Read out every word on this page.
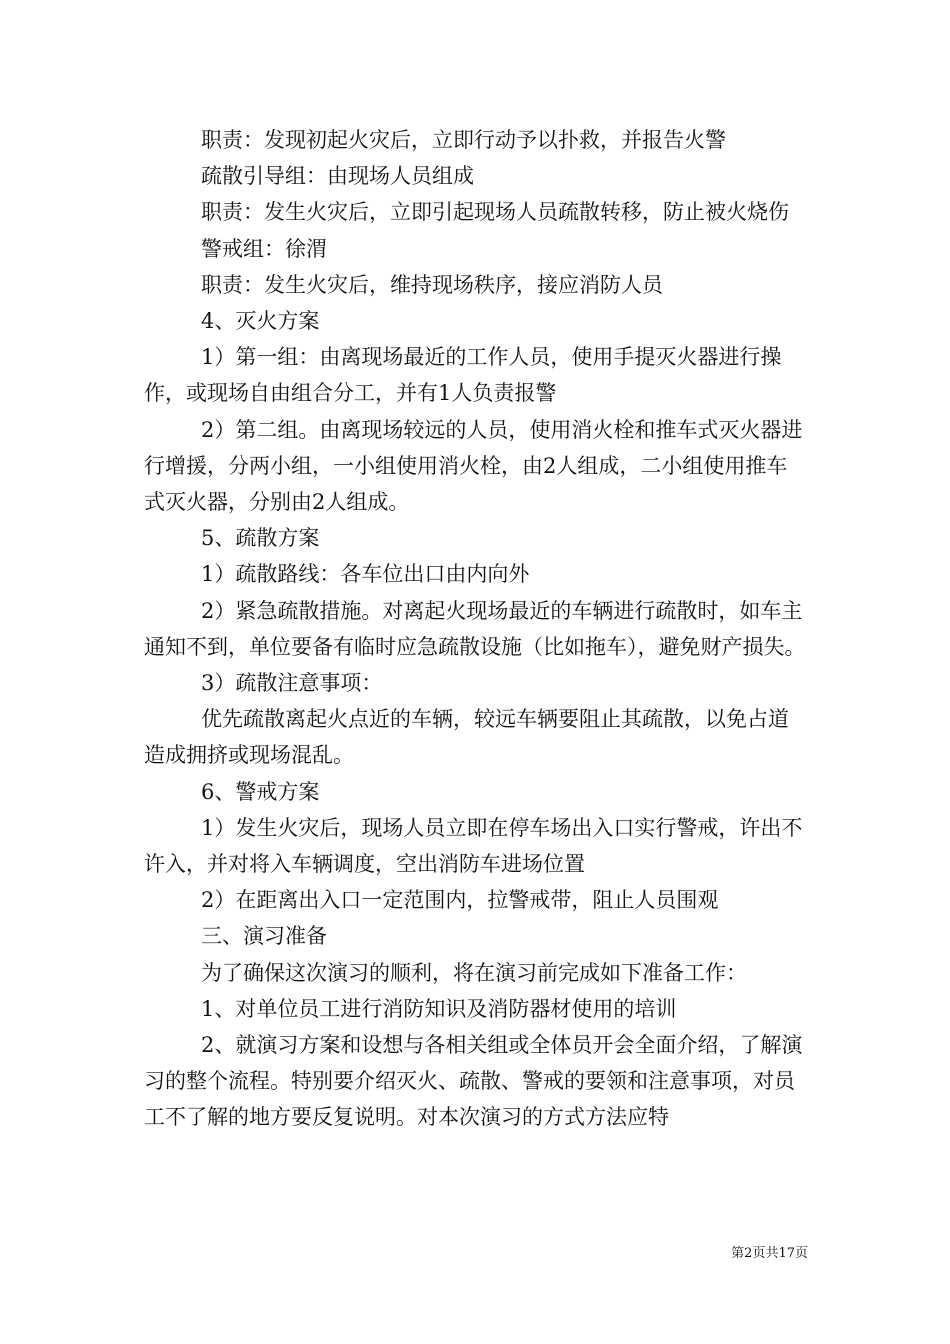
职责：发现初起火灾后，立即行动予以扑救，并报告火警

疏散引导组：由现场人员组成

职责：发生火灾后，立即引起现场人员疏散转移，防止被火烧伤

警戒组：徐渭

职责：发生火灾后，维持现场秩序，接应消防人员

4、灭火方案

1）第一组：由离现场最近的工作人员，使用手提灭火器进行操作，或现场自由组合分工，并有1人负责报警

2）第二组。由离现场较远的人员，使用消火栓和推车式灭火器进行增援，分两小组，一小组使用消火栓，由2人组成，二小组使用推车式灭火器，分别由2人组成。

5、疏散方案

1）疏散路线：各车位出口由内向外

2）紧急疏散措施。对离起火现场最近的车辆进行疏散时，如车主通知不到，单位要备有临时应急疏散设施（比如拖车），避免财产损失。

3）疏散注意事项：

优先疏散离起火点近的车辆，较远车辆要阻止其疏散，以免占道造成拥挤或现场混乱。

6、警戒方案

1）发生火灾后，现场人员立即在停车场出入口实行警戒，许出不许入，并对将入车辆调度，空出消防车进场位置

2）在距离出入口一定范围内，拉警戒带，阻止人员围观

三、演习准备

为了确保这次演习的顺利，将在演习前完成如下准备工作：

1、对单位员工进行消防知识及消防器材使用的培训

2、就演习方案和设想与各相关组或全体员开会全面介绍，了解演习的整个流程。特别要介绍灭火、疏散、警戒的要领和注意事项，对员工不了解的地方要反复说明。对本次演习的方式方法应特

第2页共17页
